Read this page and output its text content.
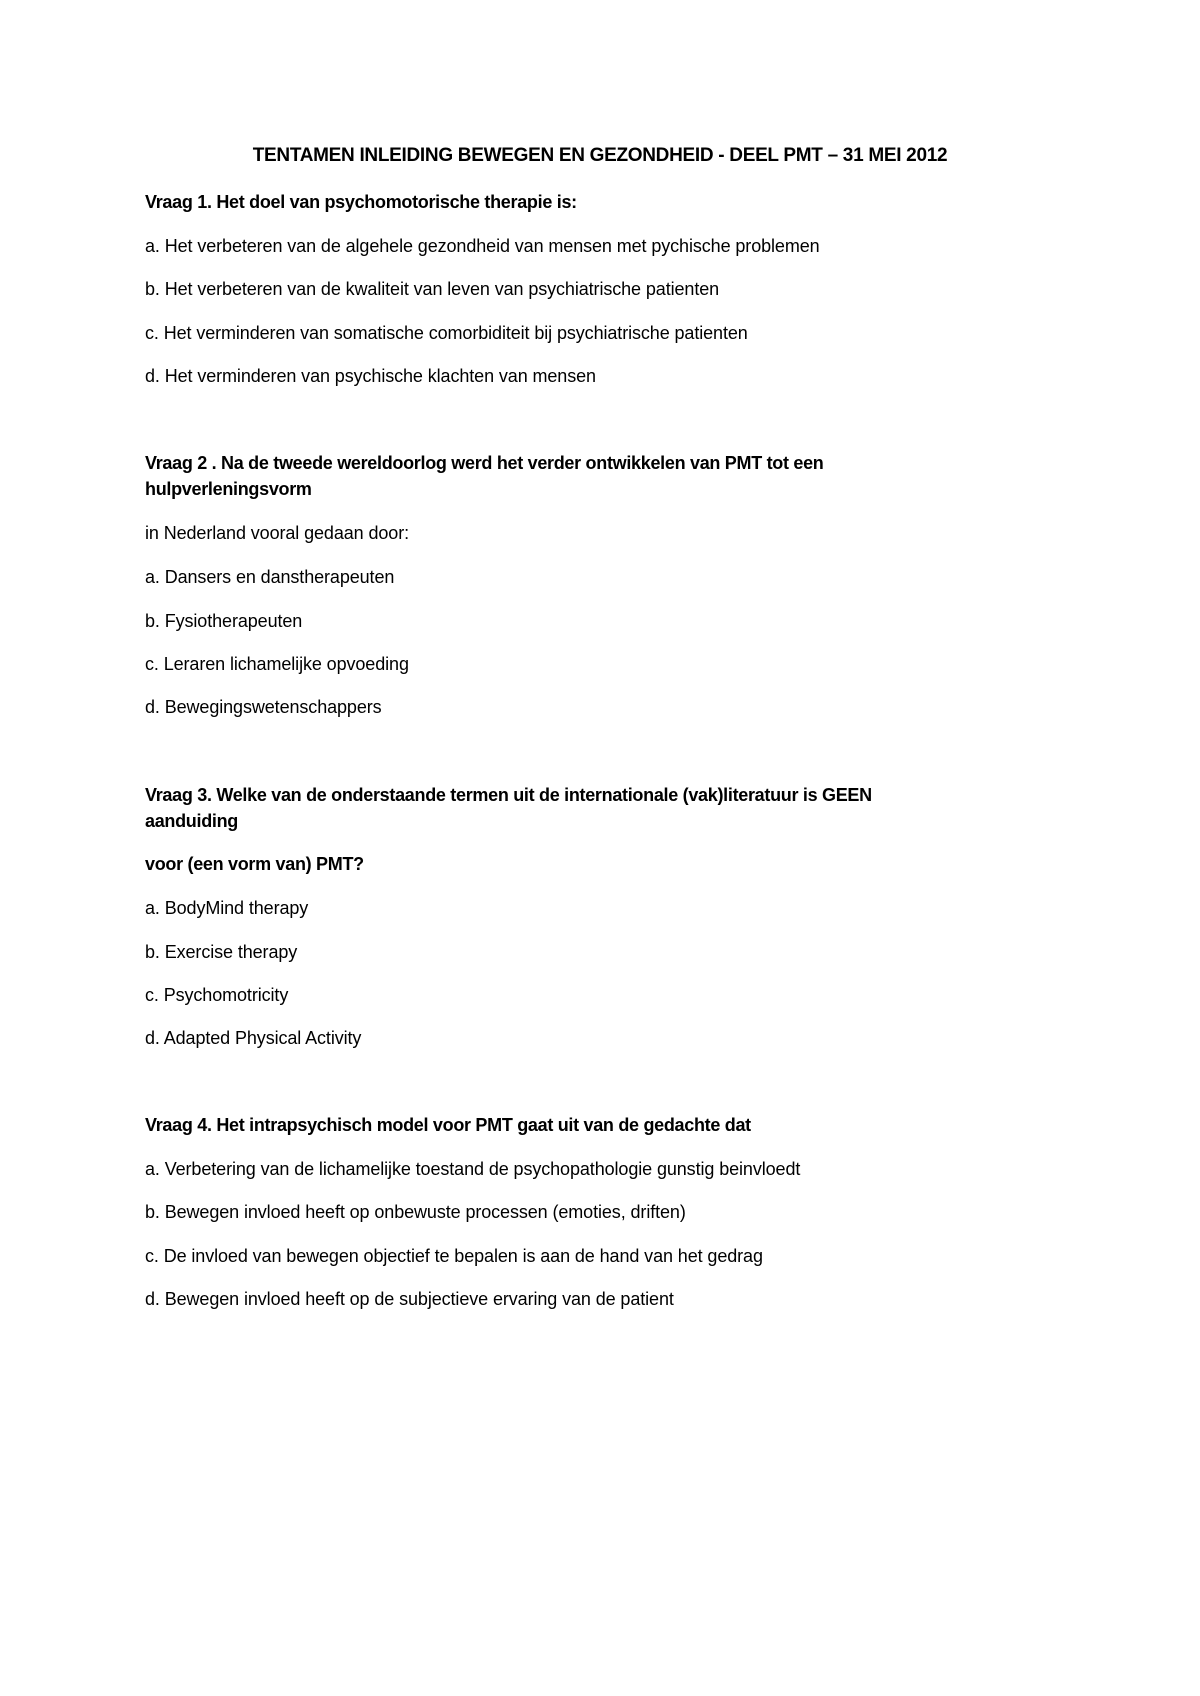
TENTAMEN INLEIDING BEWEGEN EN GEZONDHEID - DEEL PMT – 31 MEI 2012
Vraag 1. Het doel van psychomotorische therapie is:
a. Het verbeteren van de algehele gezondheid van mensen met pychische problemen
b. Het verbeteren van de kwaliteit van leven van psychiatrische patienten
c. Het verminderen van somatische comorbiditeit bij psychiatrische patienten
d. Het verminderen van psychische klachten van mensen
Vraag 2 . Na de tweede wereldoorlog werd het verder ontwikkelen van PMT tot een
hulpverleningsvorm
in Nederland vooral gedaan door:
a. Dansers en danstherapeuten
b. Fysiotherapeuten
c. Leraren lichamelijke opvoeding
d. Bewegingswetenschappers
Vraag 3. Welke van de onderstaande termen uit de internationale (vak)literatuur is GEEN
aanduiding
voor (een vorm van) PMT?
a. BodyMind therapy
b. Exercise therapy
c. Psychomotricity
d. Adapted Physical Activity
Vraag 4. Het intrapsychisch model voor PMT gaat uit van de gedachte dat
a. Verbetering van de lichamelijke toestand de psychopathologie gunstig beinvloedt
b. Bewegen invloed heeft op onbewuste processen (emoties, driften)
c. De invloed van bewegen objectief te bepalen is aan de hand van het gedrag
d. Bewegen invloed heeft op de subjectieve ervaring van de patient
